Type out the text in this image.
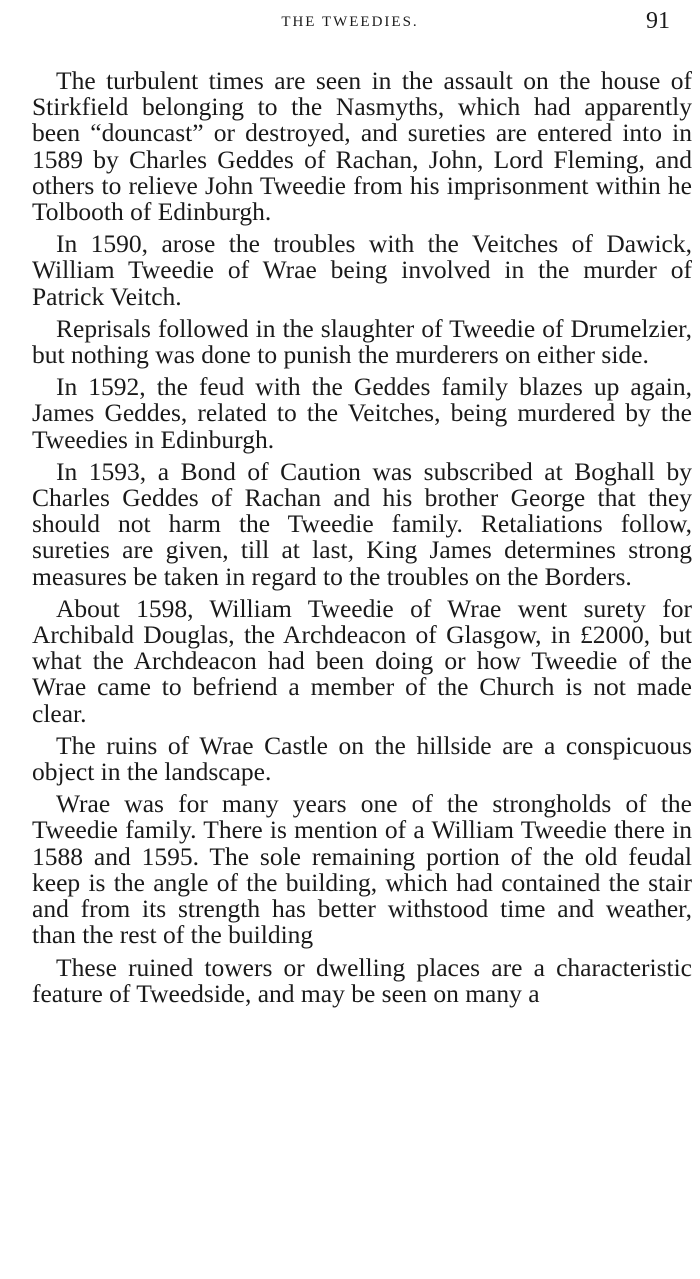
THE TWEEDIES.	91

The turbulent times are seen in the assault on the house of Stirkfield belonging to the Nasmyths, which had apparently been “douncast” or destroyed, and sureties are entered into in 1589 by Charles Geddes of Rachan, John, Lord Fleming, and others to relieve John Tweedie from his imprisonment within he Tolbooth of Edinburgh.

In 1590, arose the troubles with the Veitches of Dawick, William Tweedie of Wrae being involved in the murder of Patrick Veitch.

Reprisals followed in the slaughter of Tweedie of Drumelzier, but nothing was done to punish the murderers on either side.

In 1592, the feud with the Geddes family blazes up again, James Geddes, related to the Veitches, being murdered by the Tweedies in Edinburgh.

In 1593, a Bond of Caution was subscribed at Boghall by Charles Geddes of Rachan and his brother George that they should not harm the Tweedie family. Retaliations follow, sureties are given, till at last, King James determines strong measures be taken in regard to the troubles on the Borders.

About 1598, William Tweedie of Wrae went surety for Archibald Douglas, the Archdeacon of Glasgow, in £2000, but what the Archdeacon had been doing or how Tweedie of the Wrae came to befriend a member of the Church is not made clear.

The ruins of Wrae Castle on the hillside are a conspicuous object in the landscape.

Wrae was for many years one of the strongholds of the Tweedie family. There is mention of a William Tweedie there in 1588 and 1595. The sole remaining portion of the old feudal keep is the angle of the building, which had contained the stair and from its strength has better withstood time and weather, than the rest of the building

These ruined towers or dwelling places are a characteristic feature of Tweedside, and may be seen on many a
